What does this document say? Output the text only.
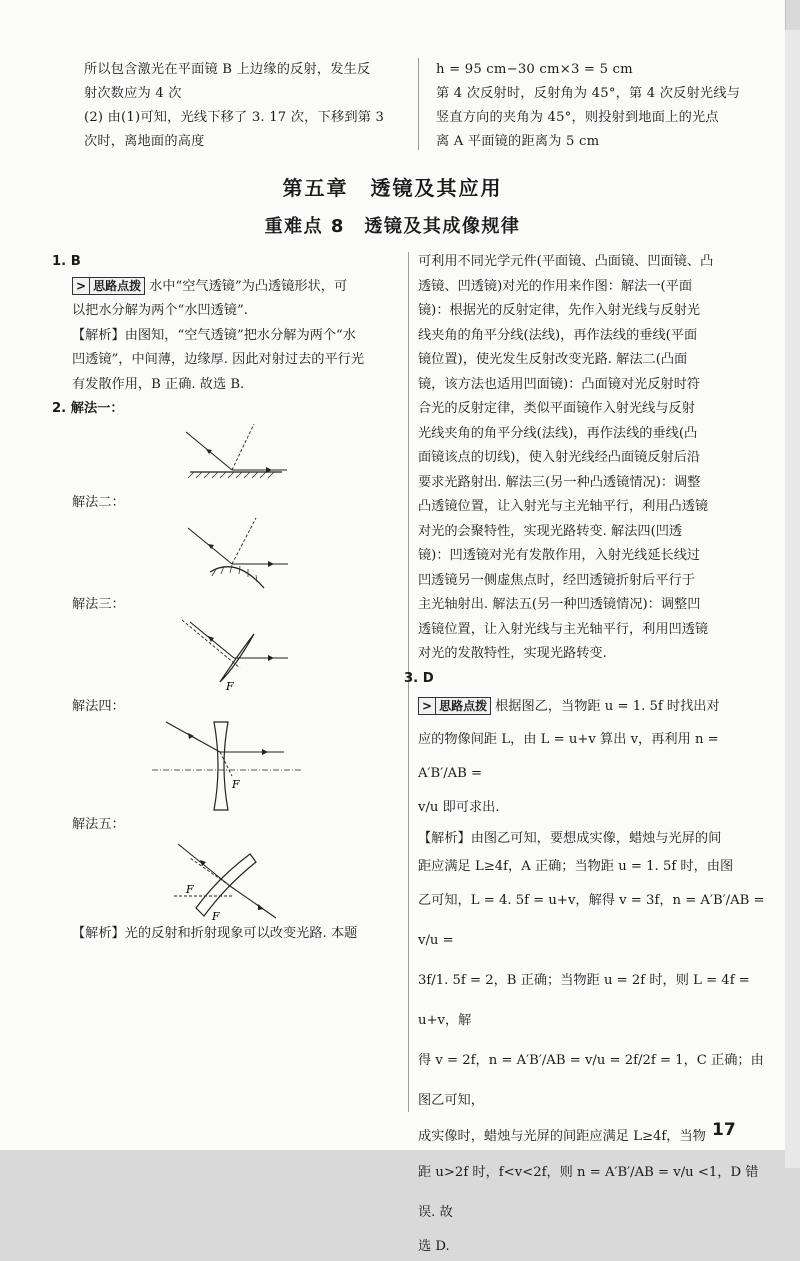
所以包含激光在平面镜 B 上边缘的反射，发生反
射次数应为 4 次
(2) 由(1)可知，光线下移了 3. 17 次，下移到第 3
次时，离地面的高度
h = 95 cm−30 cm×3 = 5 cm
第 4 次反射时，反射角为 45°，第 4 次反射光线与
竖直方向的夹角为 45°，则投射到地面上的光点
离 A 平面镜的距离为 5 cm
第五章　透镜及其应用
重难点 8　透镜及其成像规律
1. B
> 思路点拨 水中“空气透镜”为凸透镜形状，可
以把水分解为两个“水凹透镜”.
【解析】由图知，“空气透镜”把水分解为两个“水
凹透镜”，中间薄，边缘厚. 因此对射过去的平行光
有发散作用，B 正确. 故选 B.
2. 解法一：
解法二：
解法三：
F
解法四：
F
解法五：
F
F
【解析】光的反射和折射现象可以改变光路. 本题
可利用不同光学元件(平面镜、凸面镜、凹面镜、凸
透镜、凹透镜)对光的作用来作图：解法一(平面
镜)：根据光的反射定律，先作入射光线与反射光
线夹角的角平分线(法线)，再作法线的垂线(平面
镜位置)，使光发生反射改变光路. 解法二(凸面
镜，该方法也适用凹面镜)：凸面镜对光反射时符
合光的反射定律，类似平面镜作入射光线与反射
光线夹角的角平分线(法线)，再作法线的垂线(凸
面镜该点的切线)，使入射光线经凸面镜反射后沿
要求光路射出. 解法三(另一种凸透镜情况)：调整
凸透镜位置，让入射光与主光轴平行，利用凸透镜
对光的会聚特性，实现光路转变. 解法四(凹透
镜)：凹透镜对光有发散作用，入射光线延长线过
凹透镜另一侧虚焦点时，经凹透镜折射后平行于
主光轴射出. 解法五(另一种凹透镜情况)：调整凹
透镜位置，让入射光线与主光轴平行，利用凹透镜
对光的发散特性，实现光路转变.
3. D
> 思路点拨 根据图乙，当物距 u = 1. 5f 时找出对
应的物像间距 L，由 L = u+v 算出 v，再利用 n = A′B′/AB =
v/u 即可求出.
【解析】由图乙可知，要想成实像，蜡烛与光屏的间
距应满足 L≥4f，A 正确；当物距 u = 1. 5f 时，由图
乙可知，L = 4. 5f = u+v，解得 v = 3f，n = A′B′/AB = v/u =
3f/1. 5f = 2，B 正确；当物距 u = 2f 时，则 L = 4f = u+v，解
得 v = 2f，n = A′B′/AB = v/u = 2f/2f = 1，C 正确；由图乙可知，
成实像时，蜡烛与光屏的间距应满足 L≥4f，当物
距 u>2f 时，f<v<2f，则 n = A′B′/AB = v/u <1，D 错误. 故
选 D.
17
